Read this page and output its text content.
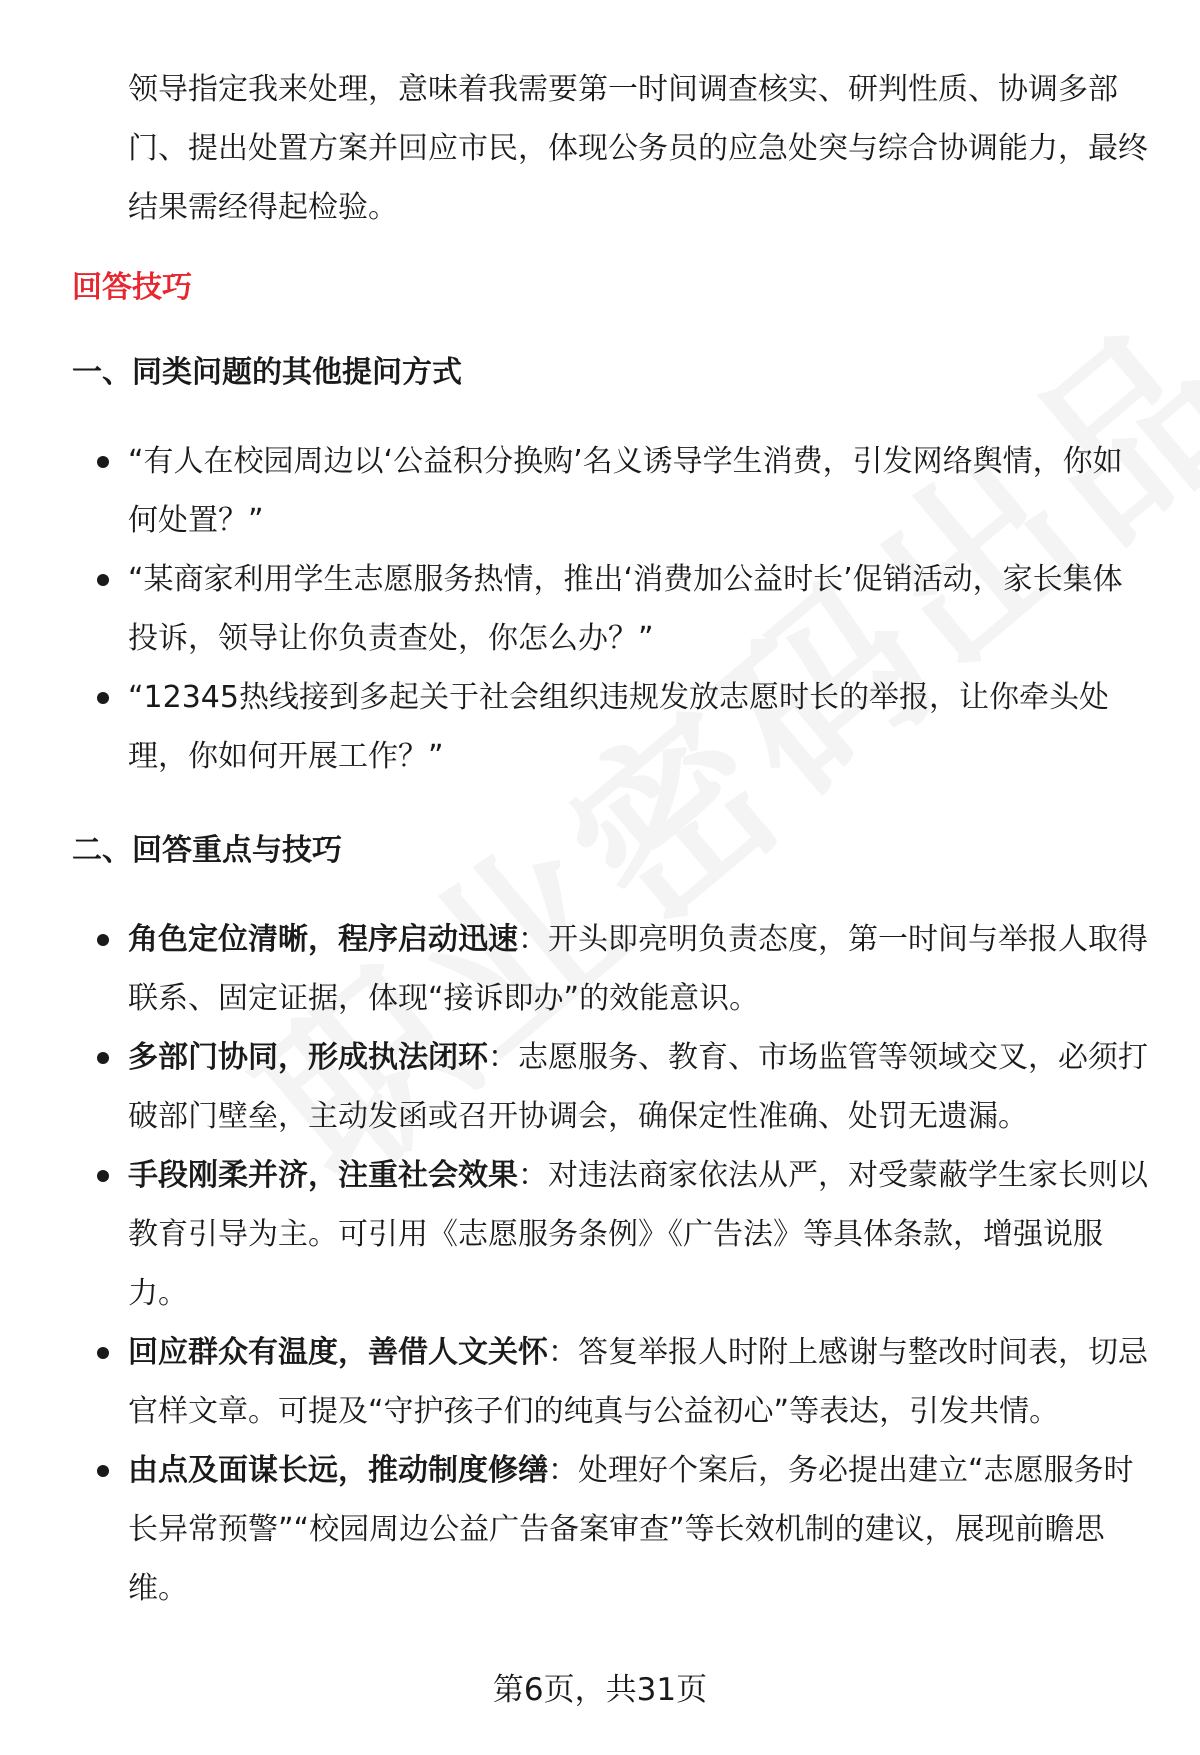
领导指定我来处理，意味着我需要第一时间调查核实、研判性质、协调多部门、提出处置方案并回应市民，体现公务员的应急处突与综合协调能力，最终结果需经得起检验。

回答技巧
一、同类问题的其他提问方式
“有人在校园周边以‘公益积分换购’名义诱导学生消费，引发网络舆情，你如何处置？”
“某商家利用学生志愿服务热情，推出‘消费加公益时长’促销活动，家长集体投诉，领导让你负责查处，你怎么办？”
“12345热线接到多起关于社会组织违规发放志愿时长的举报，让你牵头处理，你如何开展工作？”
二、回答重点与技巧
角色定位清晰，程序启动迅速：开头即亮明负责态度，第一时间与举报人取得联系、固定证据，体现“接诉即办”的效能意识。
多部门协同，形成执法闭环：志愿服务、教育、市场监管等领域交叉，必须打破部门壁垒，主动发函或召开协调会，确保定性准确、处罚无遗漏。
手段刚柔并济，注重社会效果：对违法商家依法从严，对受蒙蔽学生家长则以教育引导为主。可引用《志愿服务条例》《广告法》等具体条款，增强说服力。
回应群众有温度，善借人文关怀：答复举报人时附上感谢与整改时间表，切忌官样文章。可提及“守护孩子们的纯真与公益初心”等表达，引发共情。
由点及面谋长远，推动制度修缮：处理好个案后，务必提出建立“志愿服务时长异常预警”“校园周边公益广告备案审查”等长效机制的建议，展现前瞻思维。
第6页，共31页
